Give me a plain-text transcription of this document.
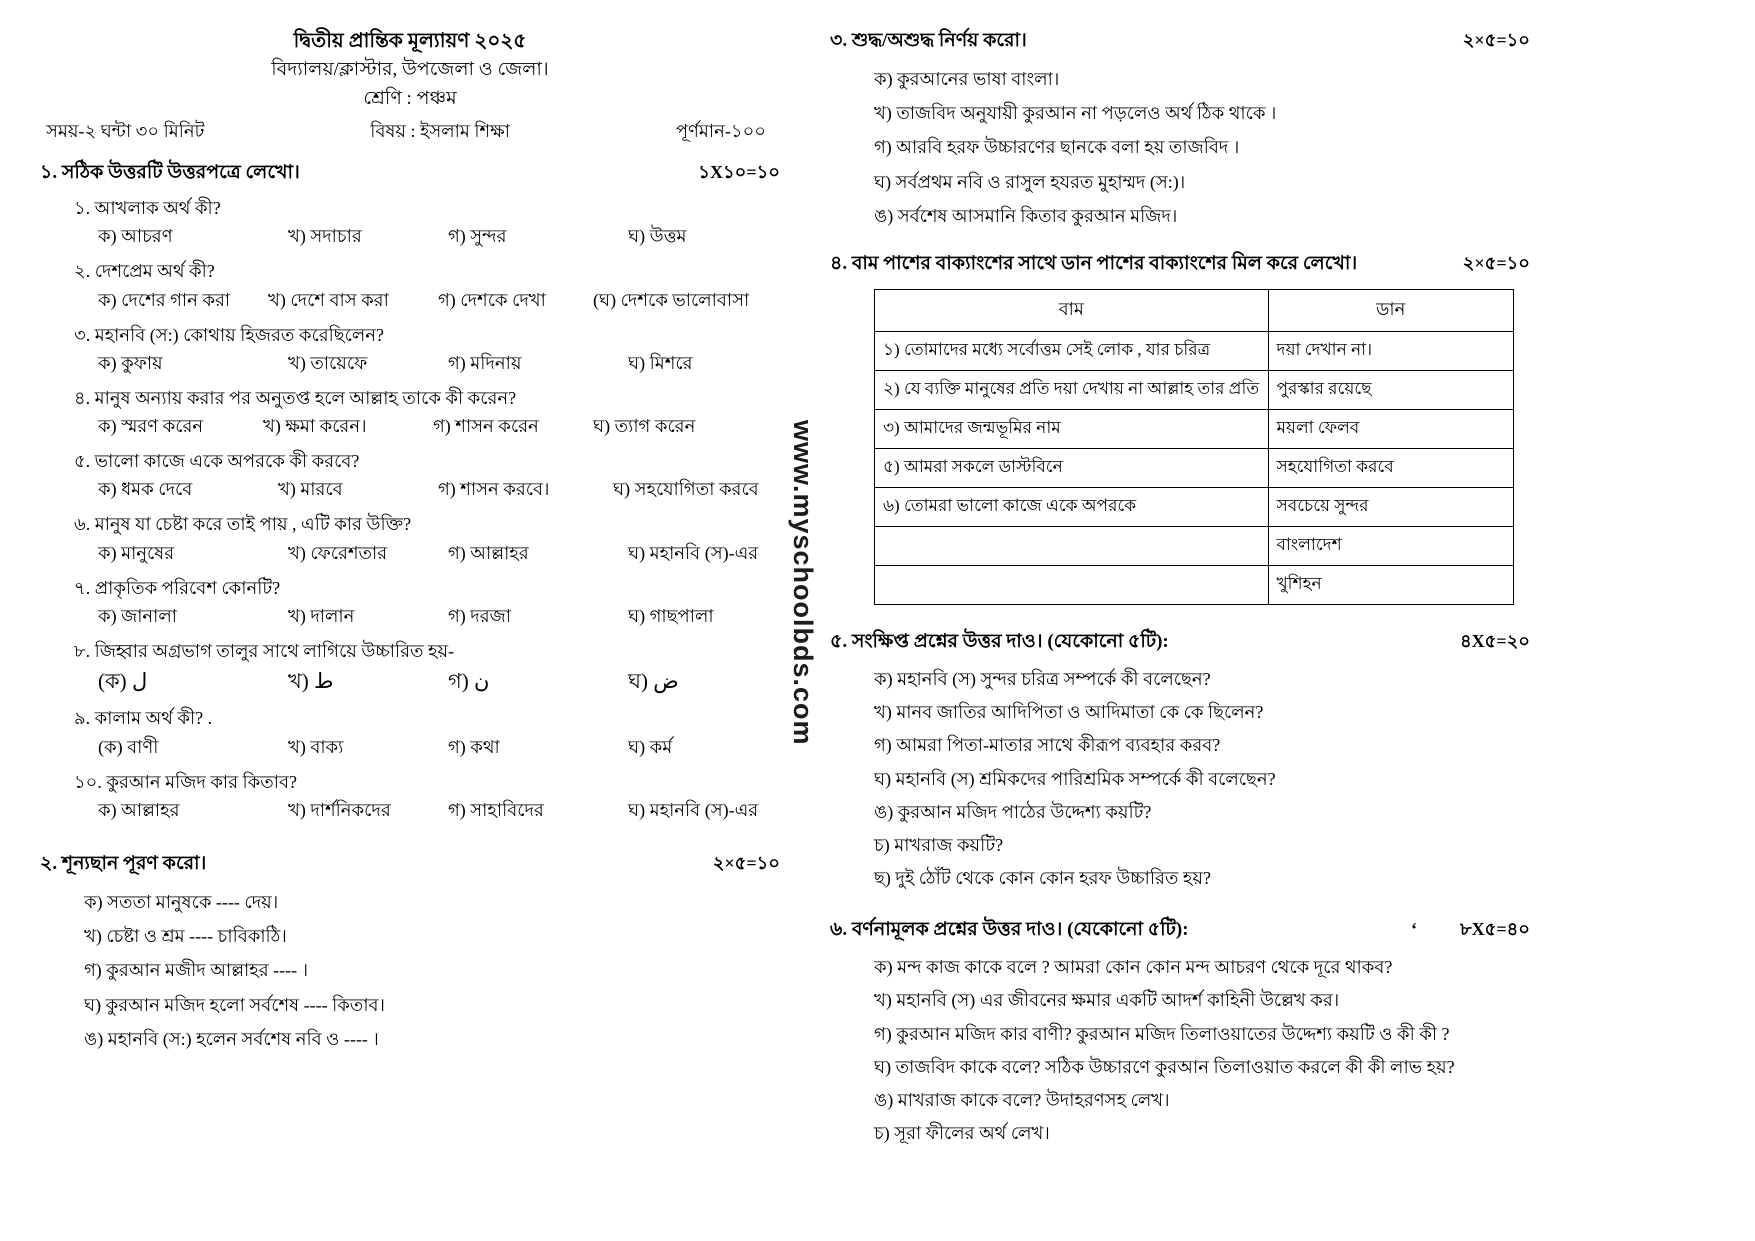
www.myschoolbds.com
দ্বিতীয় প্রান্তিক মূল্যায়ণ ২০২৫
বিদ্যালয়/ক্লাস্টার, উপজেলা ও জেলা।
শ্রেণি : পঞ্চম
সময়-২ ঘন্টা ৩০ মিনিট	বিষয় : ইসলাম শিক্ষা	পূর্ণমান-১০০
১. সঠিক উত্তরটি উত্তরপত্রে লেখো।	১X১০=১০
১. আখলাক অর্থ কী?
ক) আচরণ	খ) সদাচার	গ) সুন্দর	ঘ) উত্তম
২. দেশপ্রেম অর্থ কী?
ক) দেশের গান করা	খ) দেশে বাস করা	গ) দেশকে দেখা	(ঘ) দেশকে ভালোবাসা
৩. মহানবি (স:) কোথায় হিজরত করেছিলেন?
ক) কুফায়	খ) তায়েফে	গ) মদিনায়	ঘ) মিশরে
৪. মানুষ অন্যায় করার পর অনুতপ্ত হলে আল্লাহ তাকে কী করেন?
ক) স্মরণ করেন	খ) ক্ষমা করেন।	গ) শাসন করেন	ঘ) ত্যাগ করেন
৫. ভালো কাজে একে অপরকে কী করবে?
ক) ধমক দেবে	খ) মারবে	গ) শাসন করবে।	ঘ) সহযোগিতা করবে
৬. মানুষ যা চেষ্টা করে তাই পায় , এটি কার উক্তি?
ক) মানুষের	খ) ফেরেশতার	গ) আল্লাহর	ঘ) মহানবি (স)-এর
৭. প্রাকৃতিক পরিবেশ কোনটি?
ক) জানালা	খ) দালান	গ) দরজা	ঘ) গাছপালা
৮. জিহ্বার অগ্রভাগ তালুর সাথে লাগিয়ে উচ্চারিত হয়-
(ক) ل	খ) ط	গ) ن	ঘ) ض
৯. কালাম অর্থ কী? .
(ক) বাণী	খ) বাক্য	গ) কথা	ঘ) কর্ম
১০. কুরআন মজিদ কার কিতাব?
ক) আল্লাহর	খ) দার্শনিকদের	গ) সাহাবিদের	ঘ) মহানবি (স)-এর
২. শূন্যছান পূরণ করো।	২×৫=১০
ক) সততা মানুষকে ---- দেয়।
খ) চেষ্টা ও শ্রম ---- চাবিকাঠি।
গ) কুরআন মজীদ আল্লাহর ---- ।
ঘ) কুরআন মজিদ হলো সর্বশেষ ---- কিতাব।
ঙ) মহানবি (স:) হলেন সর্বশেষ নবি ও ---- ।
৩. শুদ্ধ/অশুদ্ধ নির্ণয় করো।	২×৫=১০
ক) কুরআনের ভাষা বাংলা।
খ) তাজবিদ অনুযায়ী কুরআন না পড়লেও অর্থ ঠিক থাকে ।
গ) আরবি হরফ উচ্চারণের ছানকে বলা হয় তাজবিদ ।
ঘ) সর্বপ্রথম নবি ও রাসুল হযরত মুহাম্মদ (স:)।
ঙ) সর্বশেষ আসমানি কিতাব কুরআন মজিদ।
৪. বাম পাশের বাক্যাংশের সাথে ডান পাশের বাক্যাংশের মিল করে লেখো।	২×৫=১০
বাম	ডান
১) তোমাদের মধ্যে সর্বোত্তম সেই লোক , যার চরিত্র	দয়া দেখান না।
২) যে ব্যক্তি মানুষের প্রতি দয়া দেখায় না আল্লাহ তার প্রতি	পুরস্কার রয়েছে
৩) আমাদের জন্মভূমির নাম	ময়লা ফেলব
৫) আমরা সকলে ডাস্টবিনে	সহযোগিতা করবে
৬) তোমরা ভালো কাজে একে অপরকে	সবচেয়ে সুন্দর
	বাংলাদেশ
	খুশিহন
৫. সংক্ষিপ্ত প্রশ্নের উত্তর দাও। (যেকোনো ৫টি):	৪X৫=২০
ক) মহানবি (স) সুন্দর চরিত্র সম্পর্কে কী বলেছেন?
খ) মানব জাতির আদিপিতা ও আদিমাতা কে কে ছিলেন?
গ) আমরা পিতা-মাতার সাথে কীরূপ ব্যবহার করব?
ঘ) মহানবি (স) শ্রমিকদের পারিশ্রমিক সম্পর্কে কী বলেছেন?
ঙ) কুরআন মজিদ পাঠের উদ্দেশ্য কয়টি?
চ) মাখরাজ কয়টি?
ছ) দুই ঠোঁট থেকে কোন কোন হরফ উচ্চারিত হয়?
৬. বর্ণনামূলক প্রশ্নের উত্তর দাও। (যেকোনো ৫টি):	‘ ৮X৫=৪০
ক) মন্দ কাজ কাকে বলে ? আমরা কোন কোন মন্দ আচরণ থেকে দূরে থাকব?
খ) মহানবি (স) এর জীবনের ক্ষমার একটি আদর্শ কাহিনী উল্লেখ কর।
গ) কুরআন মজিদ কার বাণী? কুরআন মজিদ তিলাওয়াতের উদ্দেশ্য কয়টি ও কী কী ?
ঘ) তাজবিদ কাকে বলে? সঠিক উচ্চারণে কুরআন তিলাওয়াত করলে কী কী লাভ হয়?
ঙ) মাখরাজ কাকে বলে? উদাহরণসহ লেখ।
চ) সূরা ফীলের অর্থ লেখ।
